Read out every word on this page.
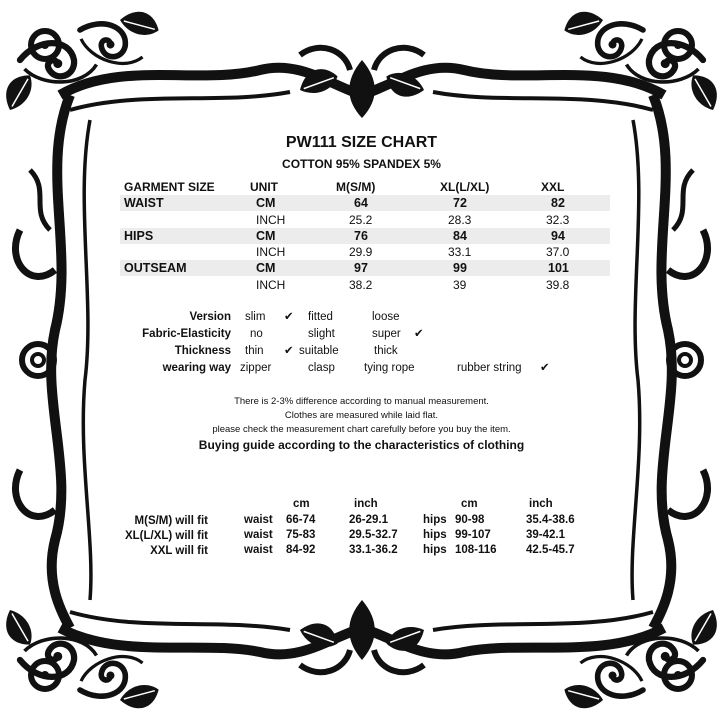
PW111 SIZE CHART
COTTON 95% SPANDEX 5%
GARMENT SIZE	UNIT	M(S/M)	XL(L/XL)	XXL
WAIST	CM	64	72	82
INCH	25.2	28.3	32.3
HIPS	CM	76	84	94
INCH	29.9	33.1	37.0
OUTSEAM	CM	97	99	101
INCH	38.2	39	39.8
Version slim ✔ fitted	loose
Fabric-Elasticity no	slight	super ✔
Thickness thin ✔ suitable	thick
wearing way zipper	clasp	tying rope	rubber string ✔
There is 2-3% difference according to manual measurement.
Clothes are measured while laid flat.
please check the measurement chart carefully before you buy the item.
Buying guide according to the characteristics of clothing
cm	inch	cm	inch
M(S/M) will fit	waist 66-74	26-29.1	hips 90-98	35.4-38.6
XL(L/XL) will fit	waist 75-83	29.5-32.7 hips 99-107	39-42.1
XXL will fit	waist 84-92	33.1-36.2 hips 108-116	42.5-45.7
